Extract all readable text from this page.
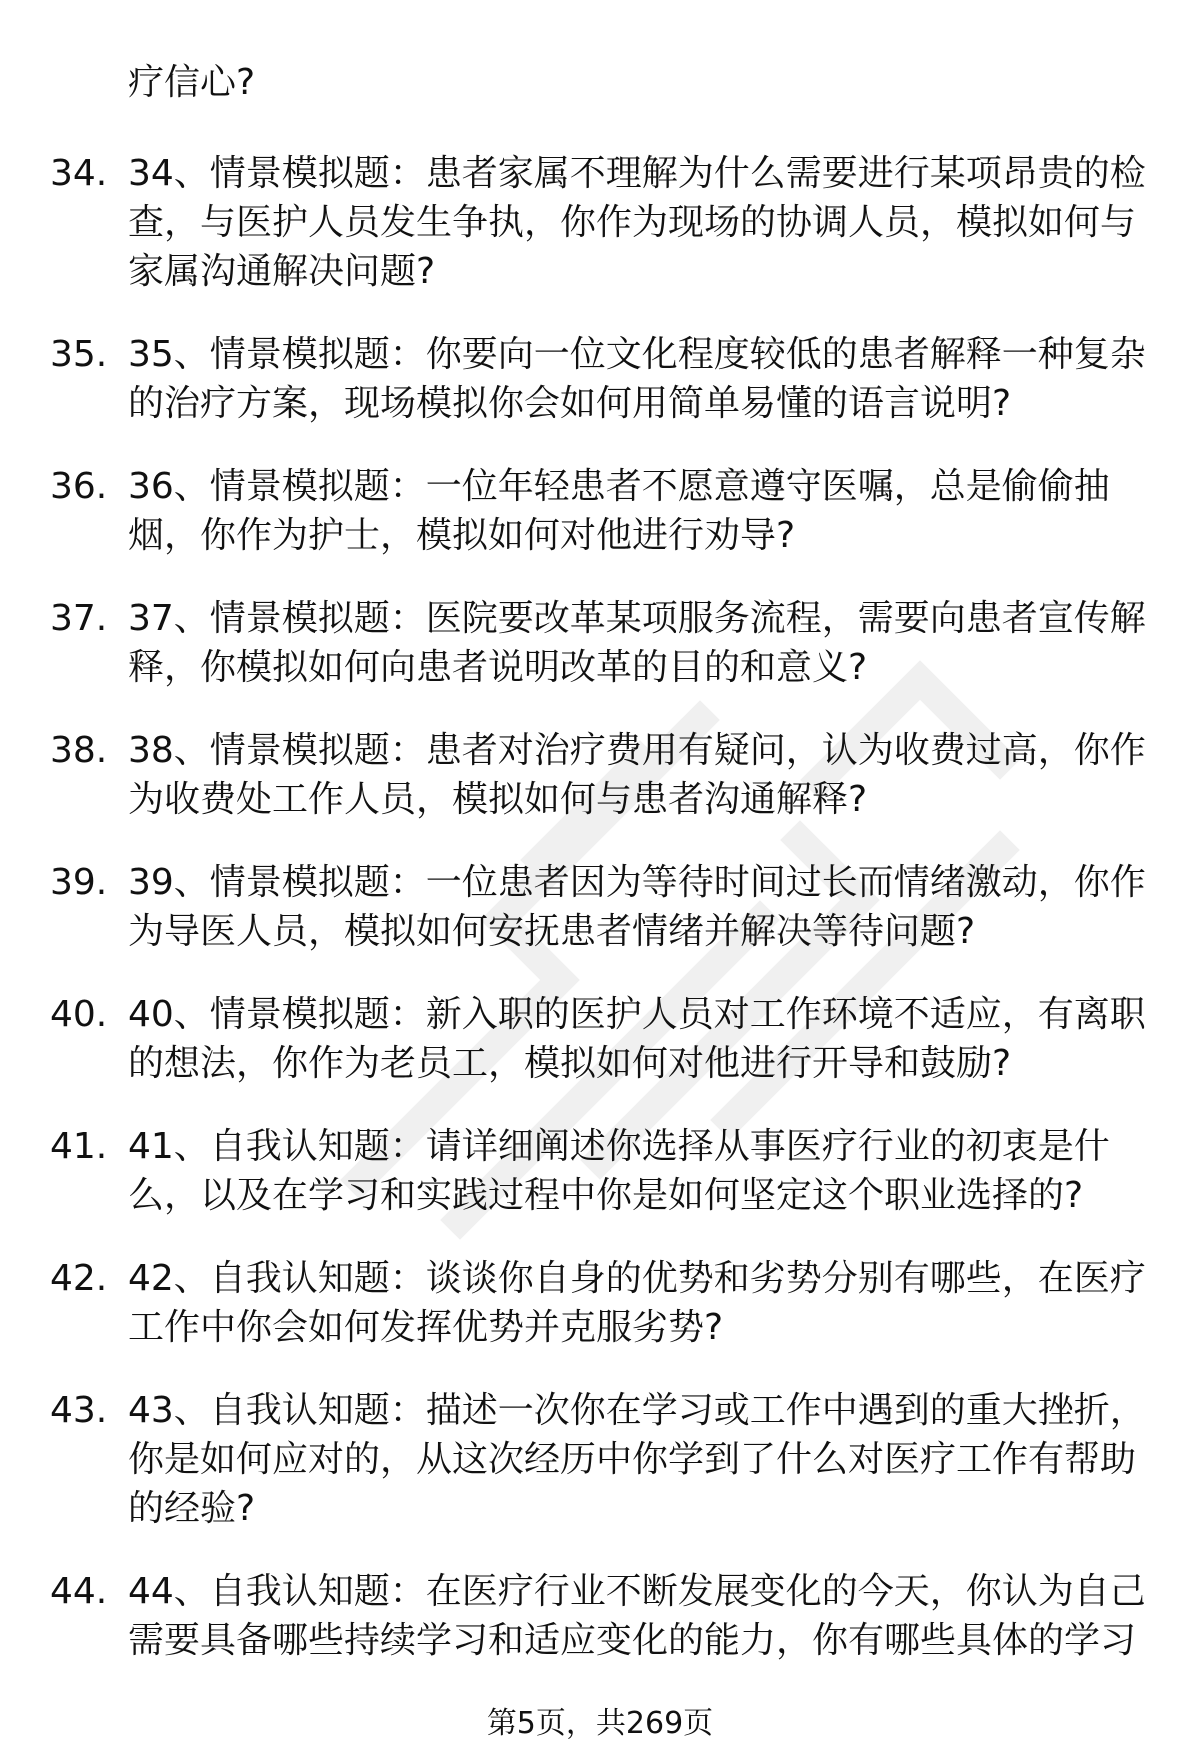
疗信心?

34. 34、情景模拟题：患者家属不理解为什么需要进行某项昂贵的检查，与医护人员发生争执，你作为现场的协调人员，模拟如何与家属沟通解决问题?
35. 35、情景模拟题：你要向一位文化程度较低的患者解释一种复杂的治疗方案，现场模拟你会如何用简单易懂的语言说明?
36. 36、情景模拟题：一位年轻患者不愿意遵守医嘱，总是偷偷抽烟，你作为护士，模拟如何对他进行劝导?
37. 37、情景模拟题：医院要改革某项服务流程，需要向患者宣传解释，你模拟如何向患者说明改革的目的和意义?
38. 38、情景模拟题：患者对治疗费用有疑问，认为收费过高，你作为收费处工作人员，模拟如何与患者沟通解释?
39. 39、情景模拟题：一位患者因为等待时间过长而情绪激动，你作为导医人员，模拟如何安抚患者情绪并解决等待问题?
40. 40、情景模拟题：新入职的医护人员对工作环境不适应，有离职的想法，你作为老员工，模拟如何对他进行开导和鼓励?
41. 41、自我认知题：请详细阐述你选择从事医疗行业的初衷是什么，以及在学习和实践过程中你是如何坚定这个职业选择的?
42. 42、自我认知题：谈谈你自身的优势和劣势分别有哪些，在医疗工作中你会如何发挥优势并克服劣势?
43. 43、自我认知题：描述一次你在学习或工作中遇到的重大挫折，你是如何应对的，从这次经历中你学到了什么对医疗工作有帮助的经验?
44. 44、自我认知题：在医疗行业不断发展变化的今天，你认为自己需要具备哪些持续学习和适应变化的能力，你有哪些具体的学习
第5页，共269页
